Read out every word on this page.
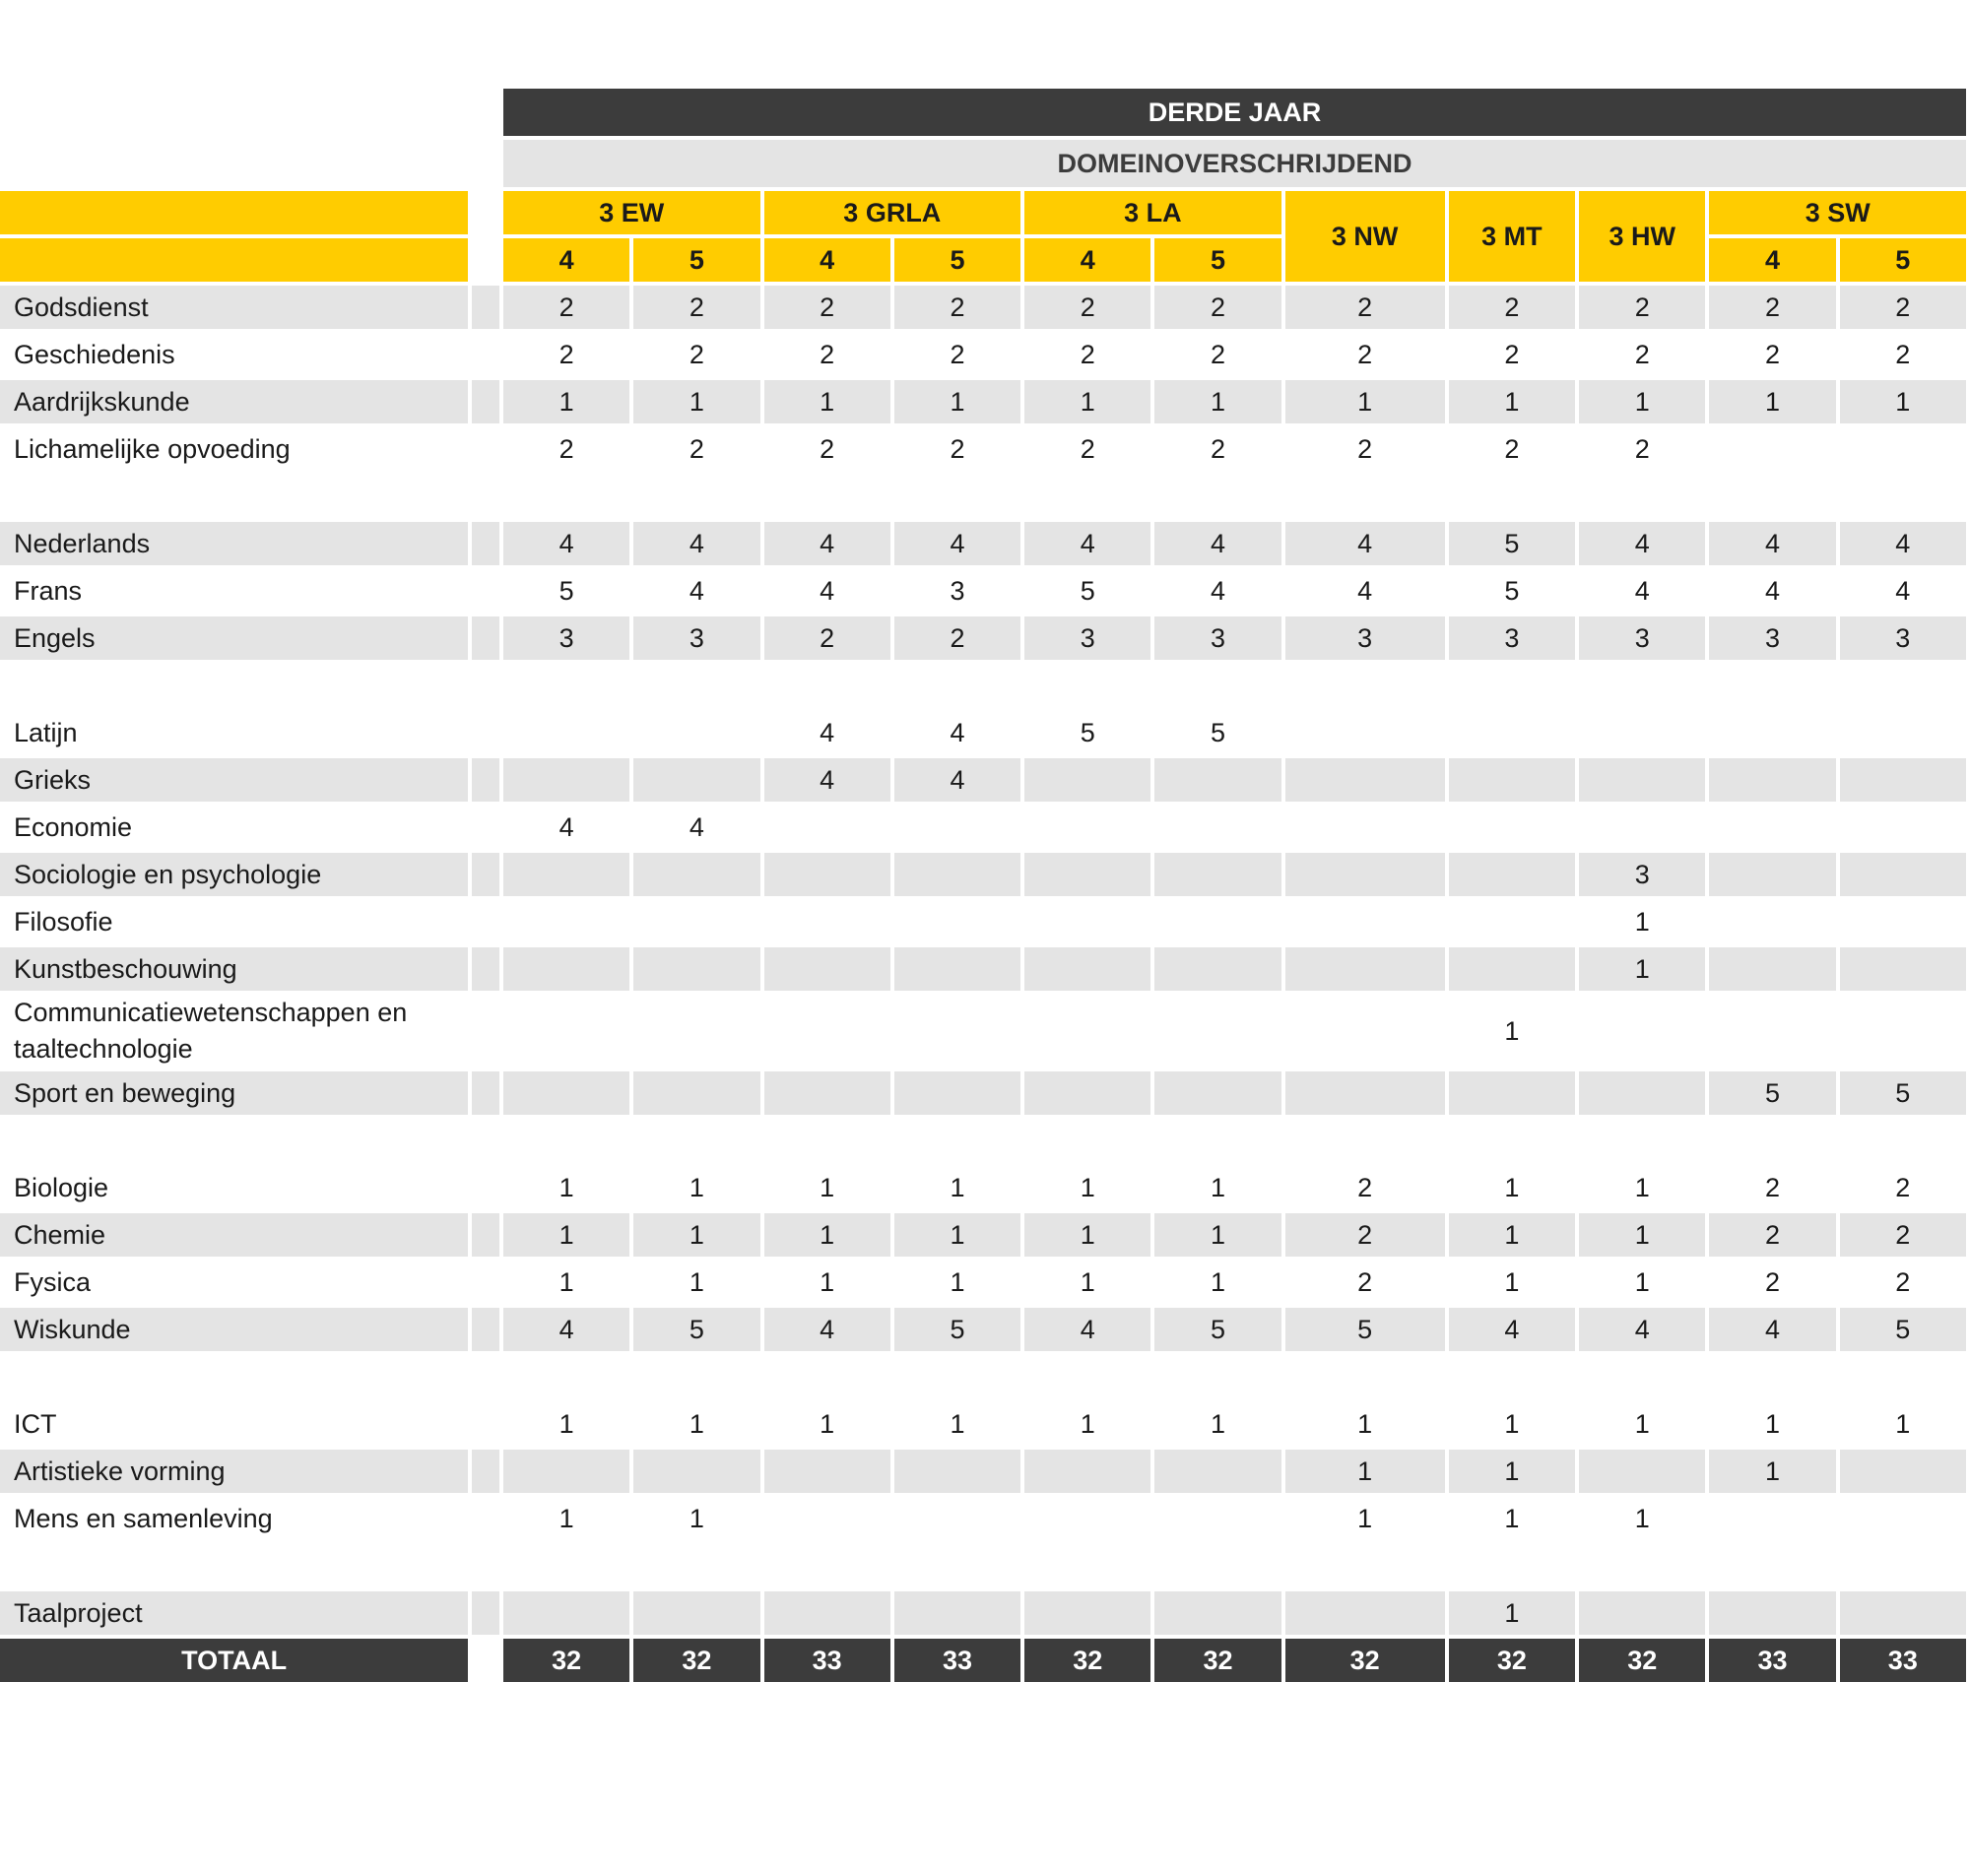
		DERDE JAAR										
		DOMEINOVERSCHRIJDEND										
		3 EW		3 GRLA		3 LA		3 NW	3 MT	3 HW	3 SW	
		4	5	4	5	4	5				4	5
Godsdienst		2	2	2	2	2	2	2	2	2	2	2
Geschiedenis		2	2	2	2	2	2	2	2	2	2	2
Aardrijkskunde		1	1	1	1	1	1	1	1	1	1	1
Lichamelijke opvoeding		2	2	2	2	2	2	2	2	2		

Nederlands		4	4	4	4	4	4	4	5	4	4	4
Frans		5	4	4	3	5	4	4	5	4	4	4
Engels		3	3	2	2	3	3	3	3	3	3	3

Latijn				4	4	5	5					
Grieks				4	4							
Economie		4	4									
Sociologie en psychologie										3		
Filosofie										1		
Kunstbeschouwing										1		
Communicatiewetenschappen en taaltechnologie									1			
Sport en beweging											5	5

Biologie		1	1	1	1	1	1	2	1	1	2	2
Chemie		1	1	1	1	1	1	2	1	1	2	2
Fysica		1	1	1	1	1	1	2	1	1	2	2
Wiskunde		4	5	4	5	4	5	5	4	4	4	5

ICT		1	1	1	1	1	1	1	1	1	1	1
Artistieke vorming								1	1		1	
Mens en samenleving		1	1					1	1	1		

Taalproject									1			
TOTAAL		32	32	33	33	32	32	32	32	32	33	33
